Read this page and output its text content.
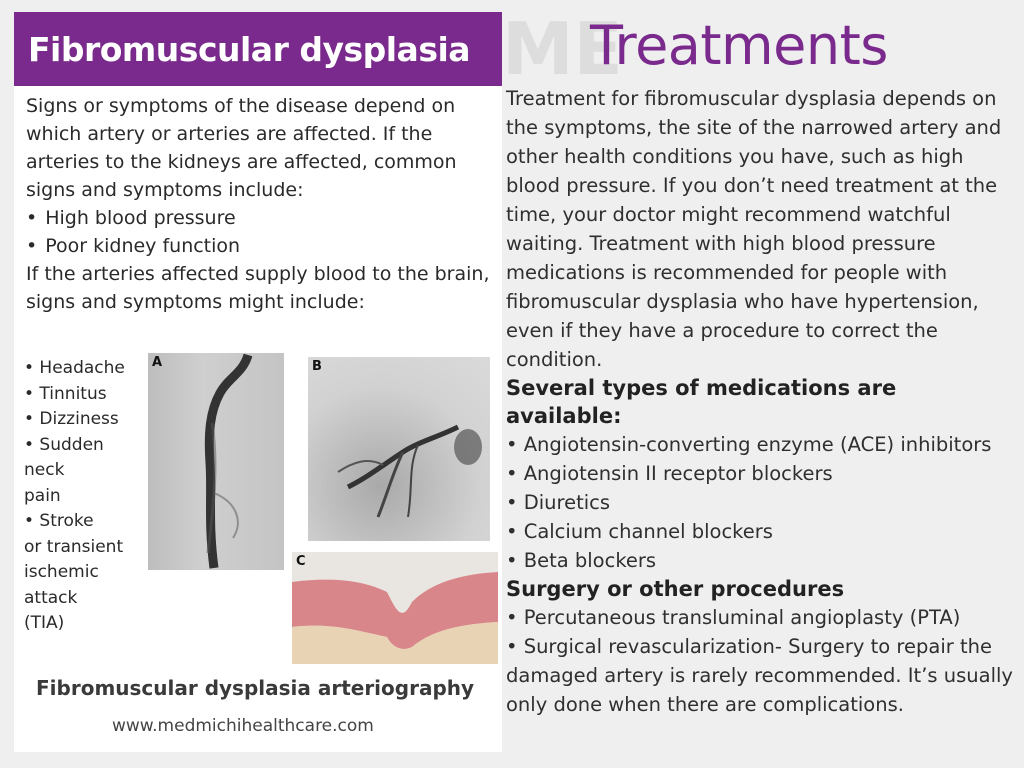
Fibromuscular dysplasia

Signs or symptoms of the disease depend on which artery or arteries are affected. If the arteries to the kidneys are affected, common signs and symptoms include:

• High blood pressure
• Poor kidney function

If the arteries affected supply blood to the brain, signs and symptoms might include:

• Headache
• Tinnitus
• Dizziness
• Sudden
neck
pain
• Stroke
or transient
ischemic
attack
(TIA)
A	B
C
Fibromuscular dysplasia arteriography
www.medmichihealthcare.com
ME
Treatments

Treatment for fibromuscular dysplasia depends on the symptoms, the site of the narrowed artery and other health conditions you have, such as high blood pressure. If you don’t need treatment at the time, your doctor might recommend watchful waiting. Treatment with high blood pressure medications is recommended for people with fibromuscular dysplasia who have hypertension, even if they have a procedure to correct the condition.

Several types of medications are available:

• Angiotensin-converting enzyme (ACE) inhibitors

• Angiotensin II receptor blockers

• Diuretics

• Calcium channel blockers

• Beta blockers

Surgery or other procedures

• Percutaneous transluminal angioplasty (PTA)

• Surgical revascularization- Surgery to repair the damaged artery is rarely recommended. It’s usually only done when there are complications.
